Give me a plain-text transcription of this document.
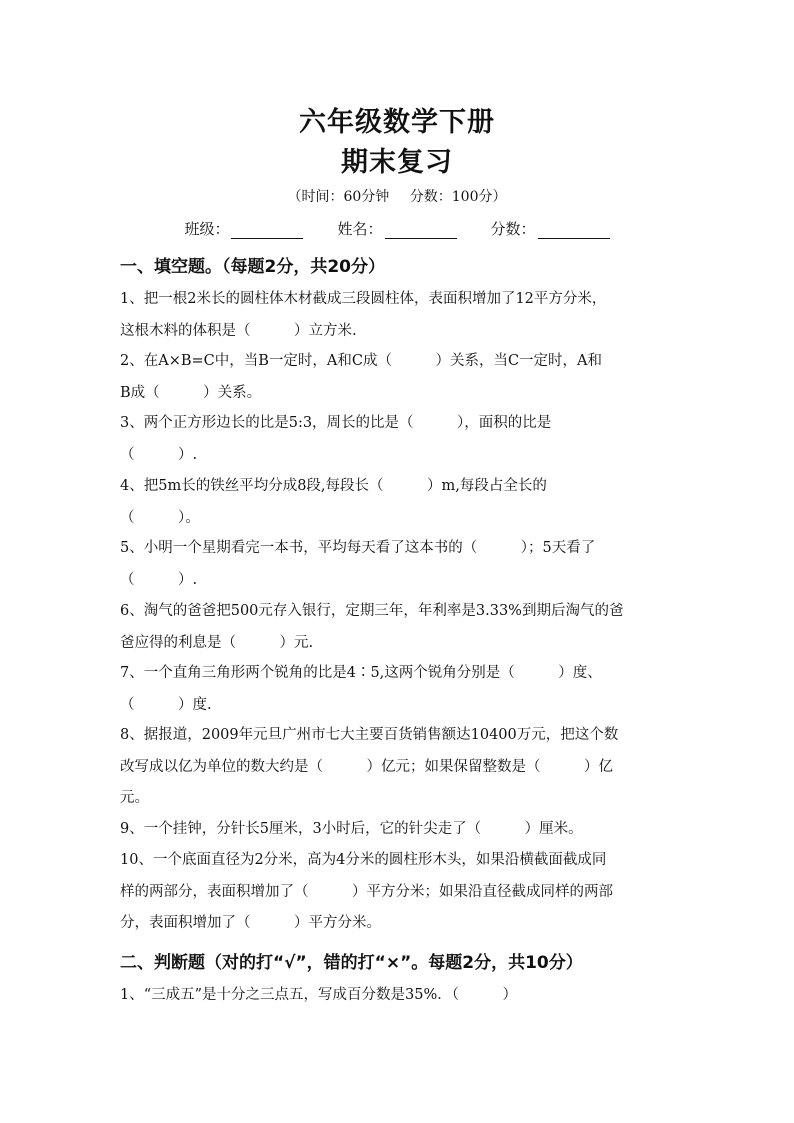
六年级数学下册
期末复习
（时间：60分钟 分数：100分）
班级：	姓名：	分数：
一、填空题。（每题2分，共20分）
1、把一根2米长的圆柱体木材截成三段圆柱体，表面积增加了12平方分米，
这根木料的体积是（　　　）立方米.
2、在A×B=C中，当B一定时，A和C成（　　　）关系，当C一定时，A和
B成（　　　）关系。
3、两个正方形边长的比是5:3，周长的比是（　　　），面积的比是
（　　　）.
4、把5m长的铁丝平均分成8段,每段长（　　　）m,每段占全长的
（　　　）。
5、小明一个星期看完一本书，平均每天看了这本书的（　　　）；5天看了
（　　　）.
6、淘气的爸爸把500元存入银行，定期三年，年利率是3.33%到期后淘气的爸
爸应得的利息是（　　　）元.
7、一个直角三角形两个锐角的比是4∶5,这两个锐角分别是（　　　）度、
（　　　）度.
8、据报道，2009年元旦广州市七大主要百货销售额达10400万元，把这个数
改写成以亿为单位的数大约是（　　　）亿元；如果保留整数是（　　　）亿
元。
9、一个挂钟，分针长5厘米，3小时后，它的针尖走了（　　　）厘米。
10、一个底面直径为2分米，高为4分米的圆柱形木头，如果沿横截面截成同
样的两部分，表面积增加了（　　　）平方分米；如果沿直径截成同样的两部
分，表面积增加了（　　　）平方分米。
二、判断题（对的打“√”，错的打“×”。每题2分，共10分）
1、“三成五”是十分之三点五，写成百分数是35%．（　　　）
